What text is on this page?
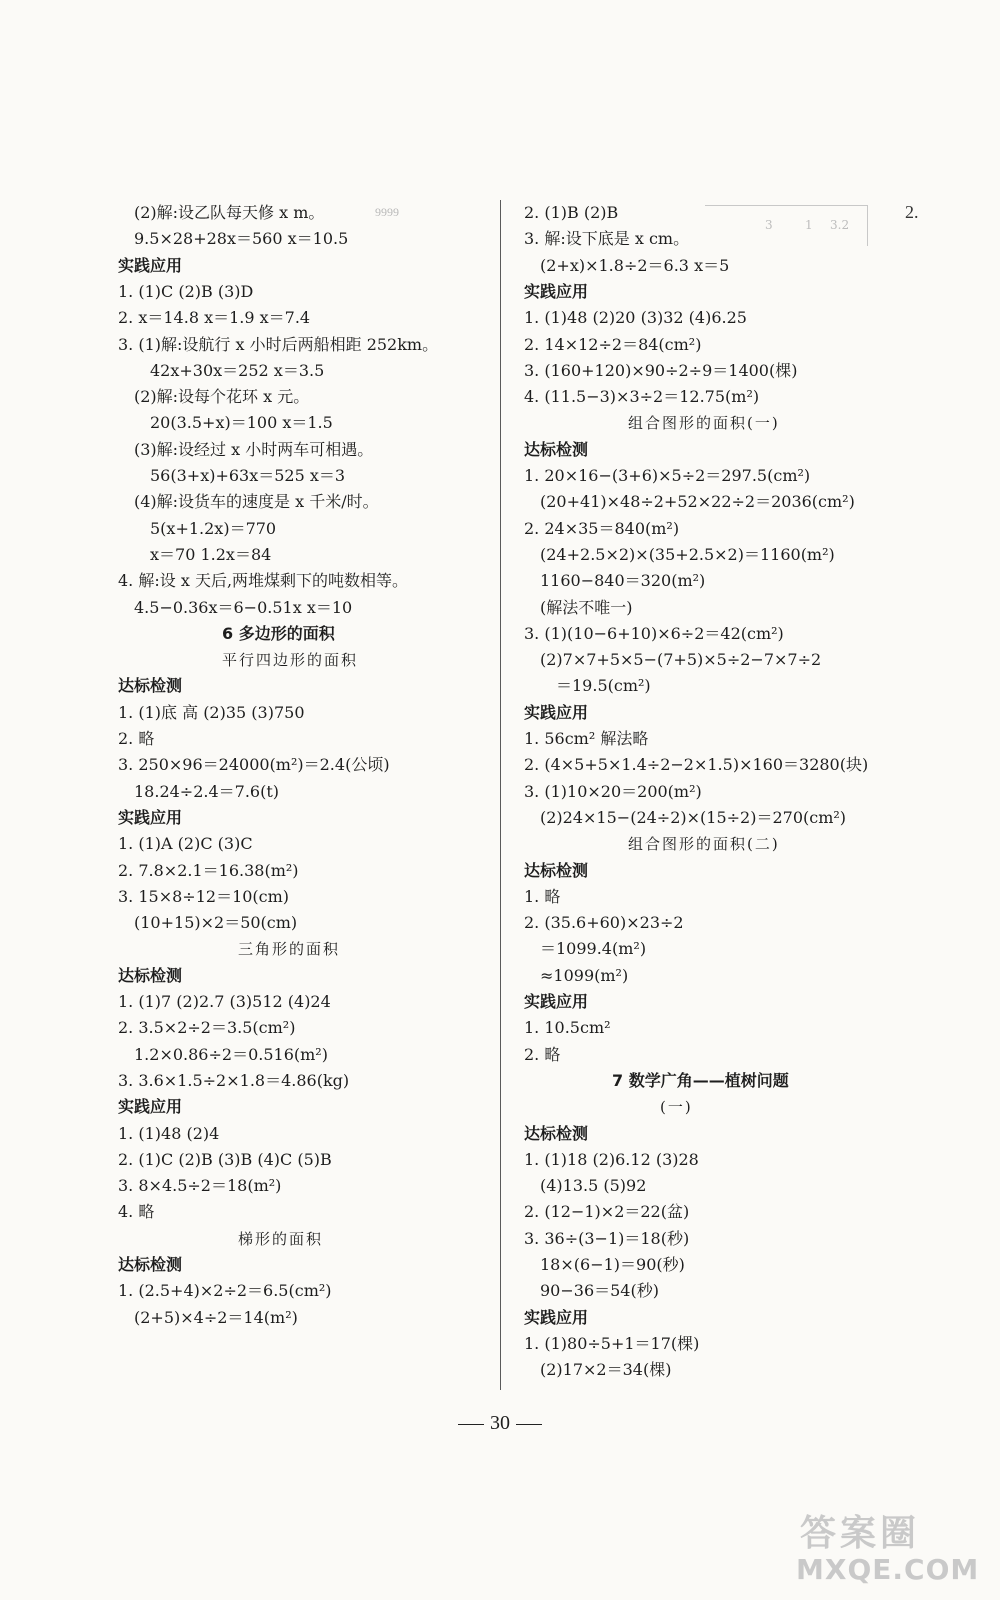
9999
3	1 3.2
2.
(2)解:设乙队每天修 x m。
9.5×28+28x＝560 x＝10.5
实践应用
1. (1)C (2)B (3)D
2. x＝14.8 x＝1.9 x＝7.4
3. (1)解:设航行 x 小时后两船相距 252km。
42x+30x＝252 x＝3.5
(2)解:设每个花环 x 元。
20(3.5+x)＝100 x＝1.5
(3)解:设经过 x 小时两车可相遇。
56(3+x)+63x＝525 x＝3
(4)解:设货车的速度是 x 千米/时。
5(x+1.2x)＝770
x＝70 1.2x＝84
4. 解:设 x 天后,两堆煤剩下的吨数相等。
4.5−0.36x＝6−0.51x x＝10
6 多边形的面积
平行四边形的面积
达标检测
1. (1)底 高 (2)35 (3)750
2. 略
3. 250×96＝24000(m²)＝2.4(公顷)
18.24÷2.4＝7.6(t)
实践应用
1. (1)A (2)C (3)C
2. 7.8×2.1＝16.38(m²)
3. 15×8÷12＝10(cm)
(10+15)×2＝50(cm)
三角形的面积
达标检测
1. (1)7 (2)2.7 (3)512 (4)24
2. 3.5×2÷2＝3.5(cm²)
1.2×0.86÷2＝0.516(m²)
3. 3.6×1.5÷2×1.8＝4.86(kg)
实践应用
1. (1)48 (2)4
2. (1)C (2)B (3)B (4)C (5)B
3. 8×4.5÷2＝18(m²)
4. 略
梯形的面积
达标检测
1. (2.5+4)×2÷2＝6.5(cm²)
(2+5)×4÷2＝14(m²)
2. (1)B (2)B
3. 解:设下底是 x cm。
(2+x)×1.8÷2＝6.3 x＝5
实践应用
1. (1)48 (2)20 (3)32 (4)6.25
2. 14×12÷2＝84(cm²)
3. (160+120)×90÷2÷9＝1400(棵)
4. (11.5−3)×3÷2＝12.75(m²)
组合图形的面积(一)
达标检测
1. 20×16−(3+6)×5÷2＝297.5(cm²)
(20+41)×48÷2+52×22÷2＝2036(cm²)
2. 24×35＝840(m²)
(24+2.5×2)×(35+2.5×2)＝1160(m²)
1160−840＝320(m²)
(解法不唯一)
3. (1)(10−6+10)×6÷2＝42(cm²)
(2)7×7+5×5−(7+5)×5÷2−7×7÷2
＝19.5(cm²)
实践应用
1. 56cm² 解法略
2. (4×5+5×1.4÷2−2×1.5)×160＝3280(块)
3. (1)10×20＝200(m²)
(2)24×15−(24÷2)×(15÷2)＝270(cm²)
组合图形的面积(二)
达标检测
1. 略
2. (35.6+60)×23÷2
＝1099.4(m²)
≈1099(m²)
实践应用
1. 10.5cm²
2. 略
7 数学广角——植树问题
(一)
达标检测
1. (1)18 (2)6.12 (3)28
(4)13.5 (5)92
2. (12−1)×2＝22(盆)
3. 36÷(3−1)＝18(秒)
18×(6−1)＝90(秒)
90−36＝54(秒)
实践应用
1. (1)80÷5+1＝17(棵)
(2)17×2＝34(棵)
30
答案圈
MXQE.COM
